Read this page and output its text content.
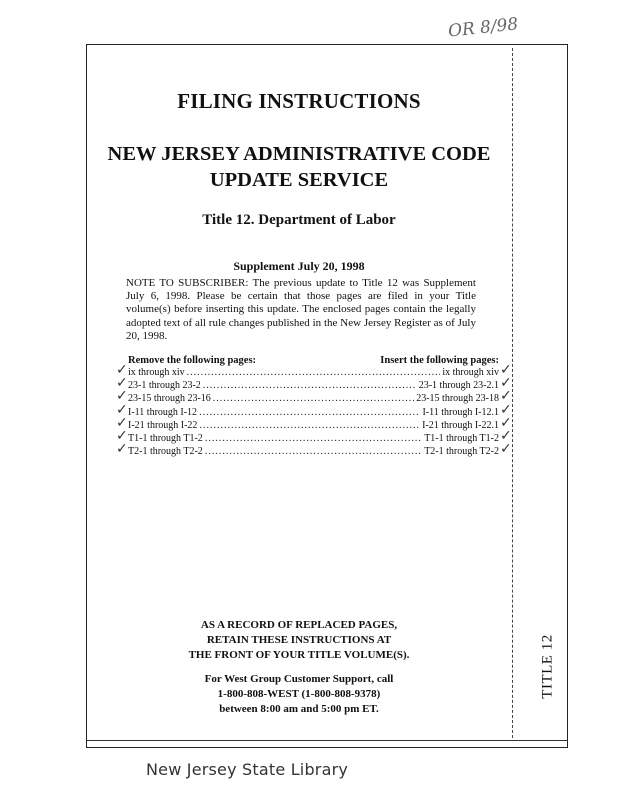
OR 8/98
FILING INSTRUCTIONS
NEW JERSEY ADMINISTRATIVE CODE
UPDATE SERVICE
Title 12. Department of Labor
Supplement July 20, 1998
NOTE TO SUBSCRIBER: The previous update to Title 12 was Supplement July 6, 1998. Please be certain that those pages are filed in your Title volume(s) before inserting this update. The enclosed pages contain the legally adopted text of all rule changes published in the New Jersey Register as of July 20, 1998.
Remove the following pages:	Insert the following pages:
ix through xiv .....	ix through xiv
23-1 through 23-2 .....	23-1 through 23-2.1
23-15 through 23-16 .....	23-15 through 23-18
I-11 through I-12 .....	I-11 through I-12.1
I-21 through I-22 .....	I-21 through I-22.1
T1-1 through T1-2 .....	T1-1 through T1-2
T2-1 through T2-2 .....	T2-1 through T2-2
AS A RECORD OF REPLACED PAGES,
RETAIN THESE INSTRUCTIONS AT
THE FRONT OF YOUR TITLE VOLUME(S).
For West Group Customer Support, call
1-800-808-WEST (1-800-808-9378)
between 8:00 am and 5:00 pm ET.
TITLE 12
New Jersey State Library
✓	✓
✓	✓
✓	✓
✓	✓
✓	✓
✓	✓
✓	✓
